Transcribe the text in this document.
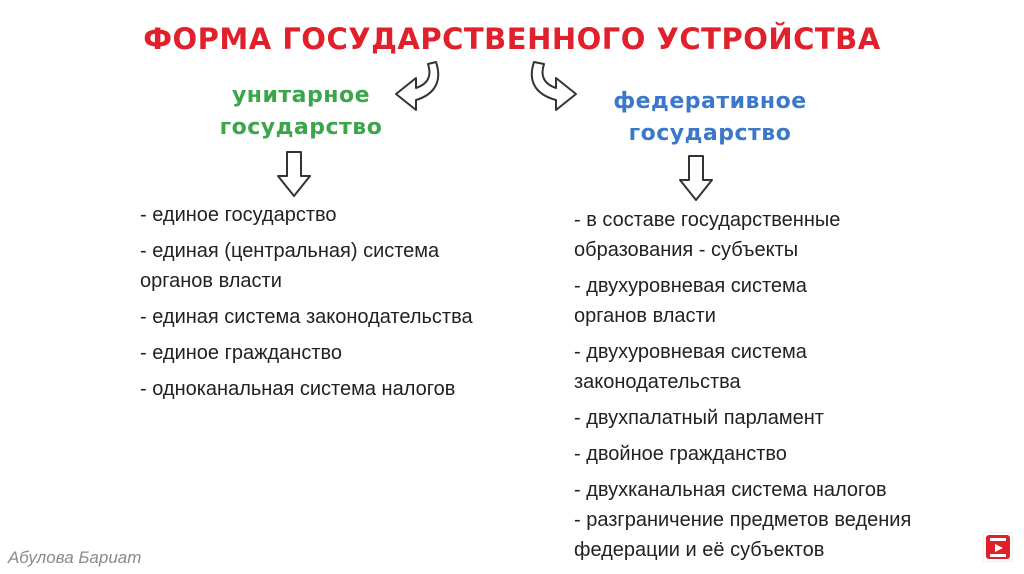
ФОРМА ГОСУДАРСТВЕННОГО УСТРОЙСТВА
унитарное
государство
федеративное
государство
- единое государство
- единая (центральная) система
органов власти
- единая система законодательства
- единое гражданство
- одноканальная система налогов
- в составе государственные
образования - субъекты
- двухуровневая система
органов власти
- двухуровневая система
законодательства
- двухпалатный парламент
- двойное гражданство
- двухканальная система налогов
- разграничение предметов ведения
федерации и её субъектов
Абулова Бариат
